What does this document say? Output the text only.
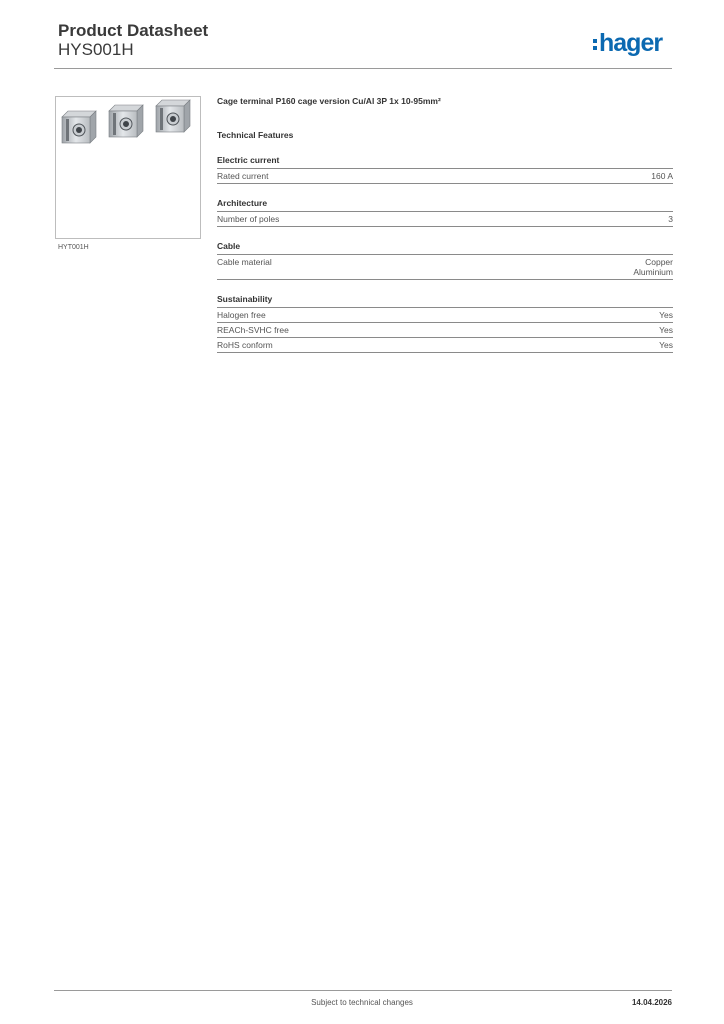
Product Datasheet
HYS001H	hager
HYT001H
Cage terminal P160 cage version Cu/Al 3P 1x 10-95mm²
Technical Features
Electric current
Rated current	160 A
Architecture
Number of poles	3
Cable
Cable material	Copper
Aluminium
Sustainability
Halogen free	Yes
REACh-SVHC free	Yes
RoHS conform	Yes
Subject to technical changes	14.04.2026
